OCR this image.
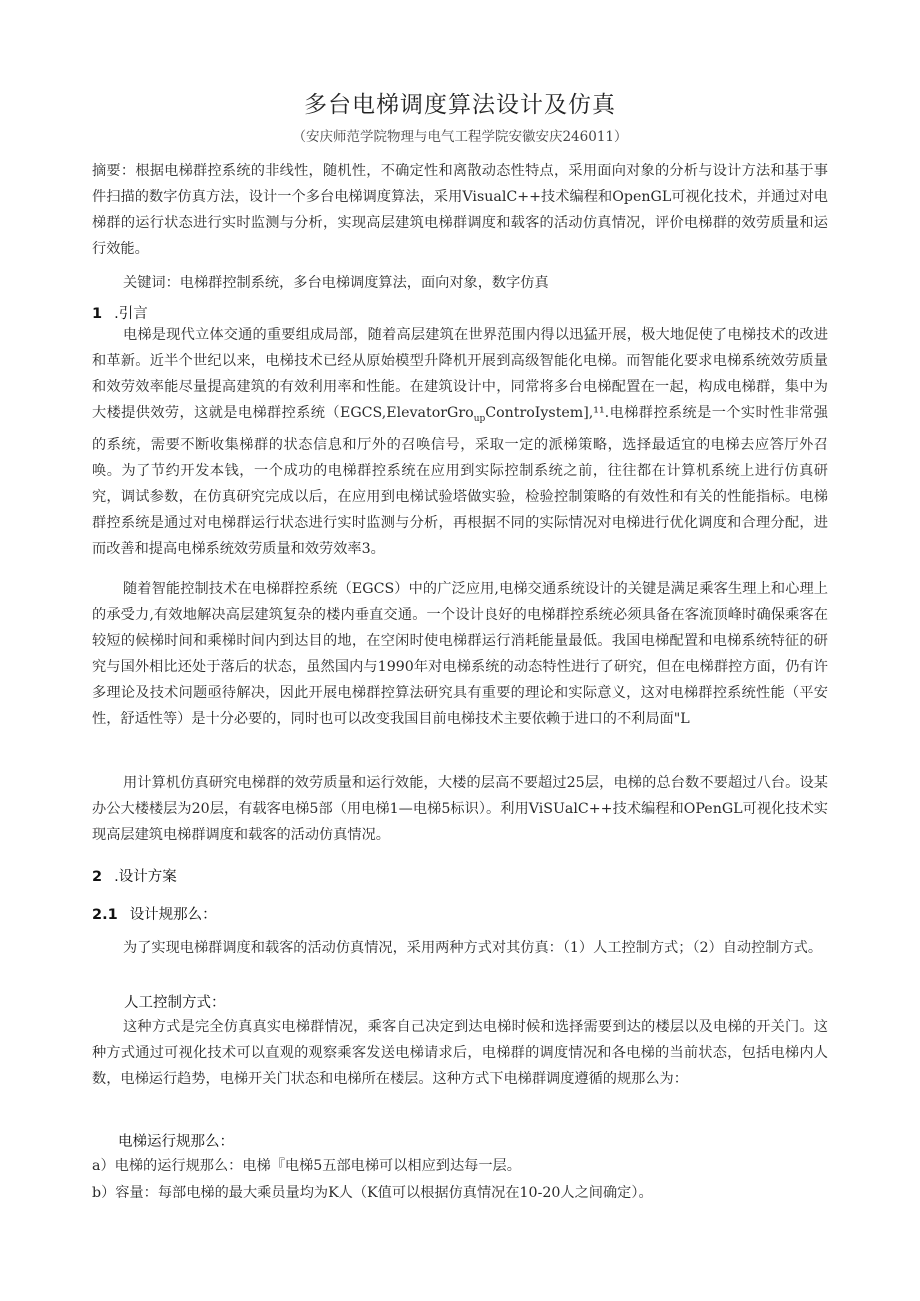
多台电梯调度算法设计及仿真
（安庆师范学院物理与电气工程学院安徽安庆246011）
摘要：根据电梯群控系统的非线性，随机性，不确定性和离散动态性特点，采用面向对象的分析与设计方法和基于事件扫描的数字仿真方法，设计一个多台电梯调度算法，采用VisualC++技术编程和OpenGL可视化技术，并通过对电梯群的运行状态进行实时监测与分析，实现高层建筑电梯群调度和载客的活动仿真情况，评价电梯群的效劳质量和运行效能。
关键词：电梯群控制系统，多台电梯调度算法，面向对象，数字仿真
1 .引言
电梯是现代立体交通的重要组成局部，随着高层建筑在世界范围内得以迅猛开展，极大地促使了电梯技术的改进和革新。近半个世纪以来，电梯技术已经从原始模型升降机开展到高级智能化电梯。而智能化要求电梯系统效劳质量和效劳效率能尽量提高建筑的有效利用率和性能。在建筑设计中，同常将多台电梯配置在一起，构成电梯群，集中为大楼提供效劳，这就是电梯群控系统（EGCS,ElevatorGro$_{up}$ControIystem],¹¹.电梯群控系统是一个实时性非常强的系统，需要不断收集梯群的状态信息和厅外的召唤信号，采取一定的派梯策略，选择最适宜的电梯去应答厅外召唤。为了节约开发本钱，一个成功的电梯群控系统在应用到实际控制系统之前，往往都在计算机系统上进行仿真研究，调试参数，在仿真研究完成以后，在应用到电梯试验塔做实验，检验控制策略的有效性和有关的性能指标。电梯群控系统是通过对电梯群运行状态进行实时监测与分析，再根据不同的实际情况对电梯进行优化调度和合理分配，进而改善和提高电梯系统效劳质量和效劳效率3。
随着智能控制技术在电梯群控系统（EGCS）中的广泛应用,电梯交通系统设计的关键是满足乘客生理上和心理上的承受力,有效地解决高层建筑复杂的楼内垂直交通。一个设计良好的电梯群控系统必须具备在客流顶峰时确保乘客在较短的候梯时间和乘梯时间内到达目的地，在空闲时使电梯群运行消耗能量最低。我国电梯配置和电梯系统特征的研究与国外相比还处于落后的状态，虽然国内与1990年对电梯系统的动态特性进行了研究，但在电梯群控方面，仍有许多理论及技术问题亟待解决，因此开展电梯群控算法研究具有重要的理论和实际意义，这对电梯群控系统性能（平安性，舒适性等）是十分必要的，同时也可以改变我国目前电梯技术主要依赖于进口的不利局面"L
用计算机仿真研究电梯群的效劳质量和运行效能，大楼的层高不要超过25层，电梯的总台数不要超过八台。设某办公大楼楼层为20层，有载客电梯5部（用电梯1—电梯5标识）。利用ViSUalC++技术编程和OPenGL可视化技术实现高层建筑电梯群调度和载客的活动仿真情况。
2 .设计方案
2.1 设计规那么：
为了实现电梯群调度和载客的活动仿真情况，采用两种方式对其仿真：（1）人工控制方式；（2）自动控制方式。
人工控制方式：
这种方式是完全仿真真实电梯群情况，乘客自己决定到达电梯时候和选择需要到达的楼层以及电梯的开关门。这种方式通过可视化技术可以直观的观察乘客发送电梯请求后，电梯群的调度情况和各电梯的当前状态，包括电梯内人数，电梯运行趋势，电梯开关门状态和电梯所在楼层。这种方式下电梯群调度遵循的规那么为：
电梯运行规那么：
a）电梯的运行规那么：电梯『电梯5五部电梯可以相应到达每一层。
b）容量：每部电梯的最大乘员量均为K人（K值可以根据仿真情况在10-20人之间确定）。
